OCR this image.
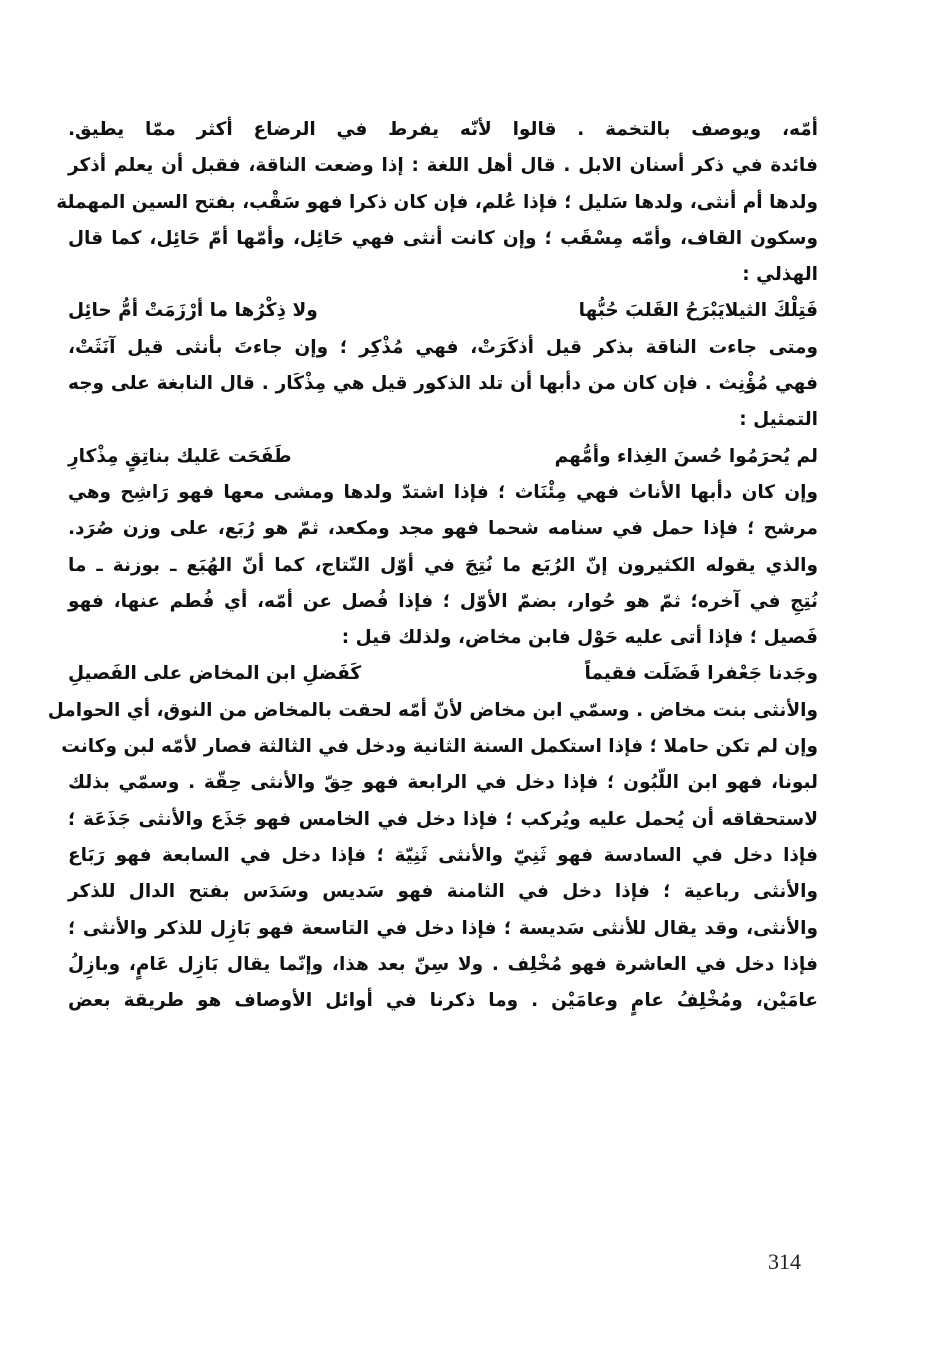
أمّه، ويوصف بالتخمة . قالوا لأنّه يفرط في الرضاع أكثر ممّا يطيق.
فائدة في ذكر أسنان الابل . قال أهل اللغة : إذا وضعت الناقة، فقبل أن يعلم أذكر
ولدها أم أنثى، ولدها سَليل ؛ فإذا عُلم، فإن كان ذكرا فهو سَقْب، بفتح السين المهملة
وسكون القاف، وأمّه مِسْقَب ؛ وإن كانت أنثى فهي حَائِل، وأمّها أمّ حَائِل، كما قال
الهذلي :
فَتِلْكَ الثيلايَبْرَحُ القَلبَ حُبُّها
ولا ذِكْرُها ما أرْزَمَتْ أمُّ حائِل
ومتى جاءت الناقة بذكر قيل أذكَرَتْ، فهي مُذْكِر ؛ وإن جاءتَ بأنثى قيل آنَثَتْ،
فهي مُؤْنِث . فإن كان من دأبها أن تلد الذكور قيل هي مِذْكَار . قال النابغة على وجه
التمثيل :
لم يُحرَمُوا حُسنَ الغِذاء وأمُّهم
طَفَحَت عَليك بناتِقٍ مِذْكارِ
وإن كان دأبها الأناث فهي مِئْنَاث ؛ فإذا اشتدّ ولدها ومشى معها فهو رَاشِح وهي
مرشح ؛ فإذا حمل في سنامه شحما فهو مجد ومكعد، ثمّ هو رُبَع، على وزن صُرَد.
والذي يقوله الكثيرون إنّ الرُبَع ما نُتِجَ في أوّل النّتاج، كما أنّ الهُبَع ـ بوزنة ـ ما
نُتِجِ في آخره؛ ثمّ هو حُوار، بضمّ الأوّل ؛ فإذا فُصل عن أمّه، أي فُطم عنها، فهو
فَصيل ؛ فإذا أتى عليه حَوْل فابن مخاض، ولذلك قيل :
وجَدنا جَعْفرا فَضَلَت فقيماً
كَفَضلِ ابن المخاض على الفَصيلِ
والأنثى بنت مخاض . وسمّي ابن مخاض لأنّ أمّه لحقت بالمخاض من النوق، أي الحوامل
وإن لم تكن حاملا ؛ فإذا استكمل السنة الثانية ودخل في الثالثة فصار لأمّه لبن وكانت
لبونا، فهو ابن اللّبُون ؛ فإذا دخل في الرابعة فهو حِقّ والأنثى حِقّة . وسمّي بذلك
لاستحقاقه أن يُحمل عليه ويُركب ؛ فإذا دخل في الخامس فهو جَذَع والأنثى جَذَعَة ؛
فإذا دخل في السادسة فهو ثَنِيّ والأنثى ثَنِيّة ؛ فإذا دخل في السابعة فهو رَبَاع
والأنثى رباعية ؛ فإذا دخل في الثامنة فهو سَديس وسَدَس بفتح الدال للذكر
والأنثى، وقد يقال للأنثى سَديسة ؛ فإذا دخل في التاسعة فهو بَازِل للذكر والأنثى ؛
فإذا دخل في العاشرة فهو مُخْلِف . ولا سِنّ بعد هذا، وإنّما يقال بَازِل عَامٍ، وبازِلُ
عامَيْن، ومُخْلِفُ عامٍ وعامَيْن . وما ذكرنا في أوائل الأوصاف هو طريقة بعض
314
